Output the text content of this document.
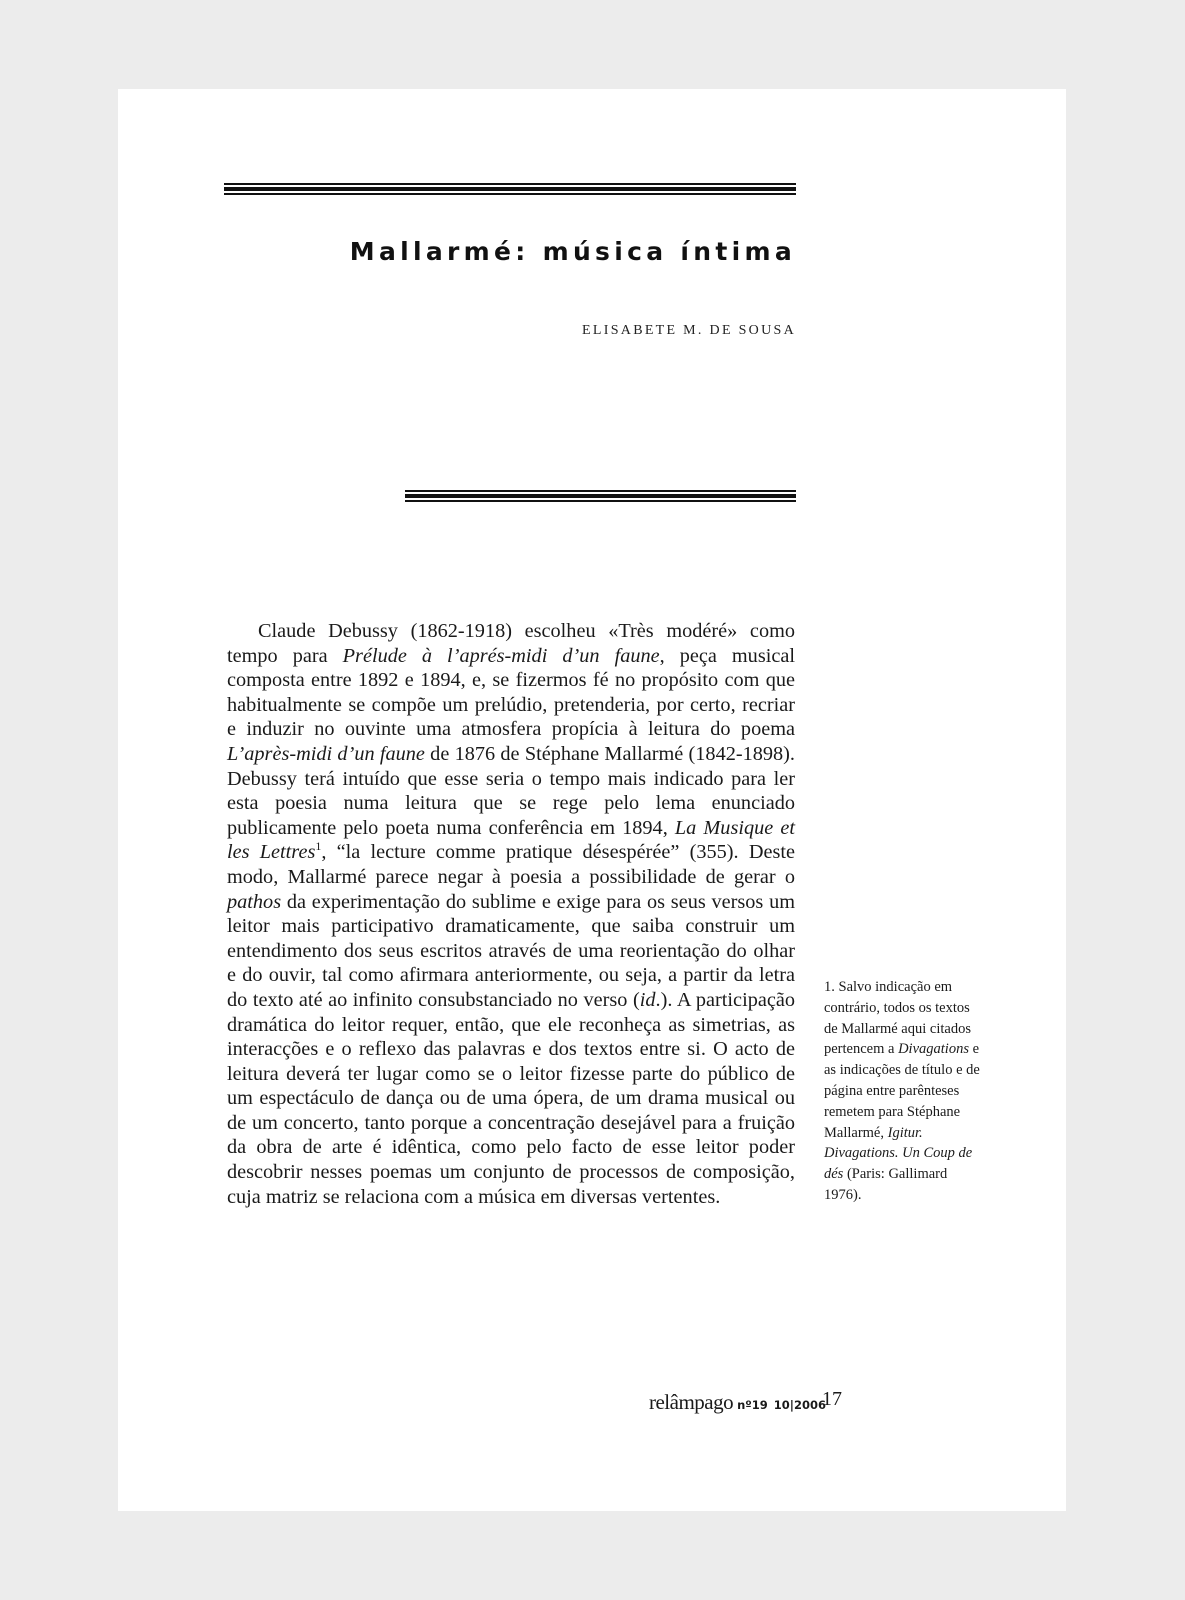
Mallarmé: música íntima
ELISABETE M. DE SOUSA

Claude Debussy (1862-1918) escolheu «Très modéré» como tempo para Prélude à l’aprés-midi d’un faune, peça musical composta entre 1892 e 1894, e, se fizermos fé no propósito com que habitualmente se compõe um prelúdio, pretenderia, por certo, recriar e induzir no ouvinte uma atmosfera propícia à leitura do poema L’après-midi d’un faune de 1876 de Stéphane Mallarmé (1842-1898). Debussy terá intuído que esse seria o tempo mais indicado para ler esta poesia numa leitura que se rege pelo lema enunciado publicamente pelo poeta numa conferência em 1894, La Musique et les Lettres$^1$, “la lecture comme pratique désespérée” (355). Deste modo, Mallarmé parece negar à poesia a possibilidade de gerar o pathos da experimentação do sublime e exige para os seus versos um leitor mais participativo dramaticamente, que saiba construir um entendimento dos seus escritos através de uma reorientação do olhar e do ouvir, tal como afirmara anteriormente, ou seja, a partir da letra do texto até ao infinito consubstanciado no verso (id.). A participação dramática do leitor requer, então, que ele reconheça as simetrias, as interacções e o reflexo das palavras e dos textos entre si. O acto de leitura deverá ter lugar como se o leitor fizesse parte do público de um espectáculo de dança ou de uma ópera, de um drama musical ou de um concerto, tanto porque a concentração desejável para a fruição da obra de arte é idêntica, como pelo facto de esse leitor poder descobrir nesses poemas um conjunto de processos de composição, cuja matriz se relaciona com a música em diversas vertentes.

1. Salvo indicação em contrário, todos os textos de Mallarmé aqui citados pertencem a Divagations e as indicações de título e de página entre parênteses remetem para Stéphane Mallarmé, Igitur. Divagations. Un Coup de dés (Paris: Gallimard 1976).

relâmpago nº19 10|2006
17
